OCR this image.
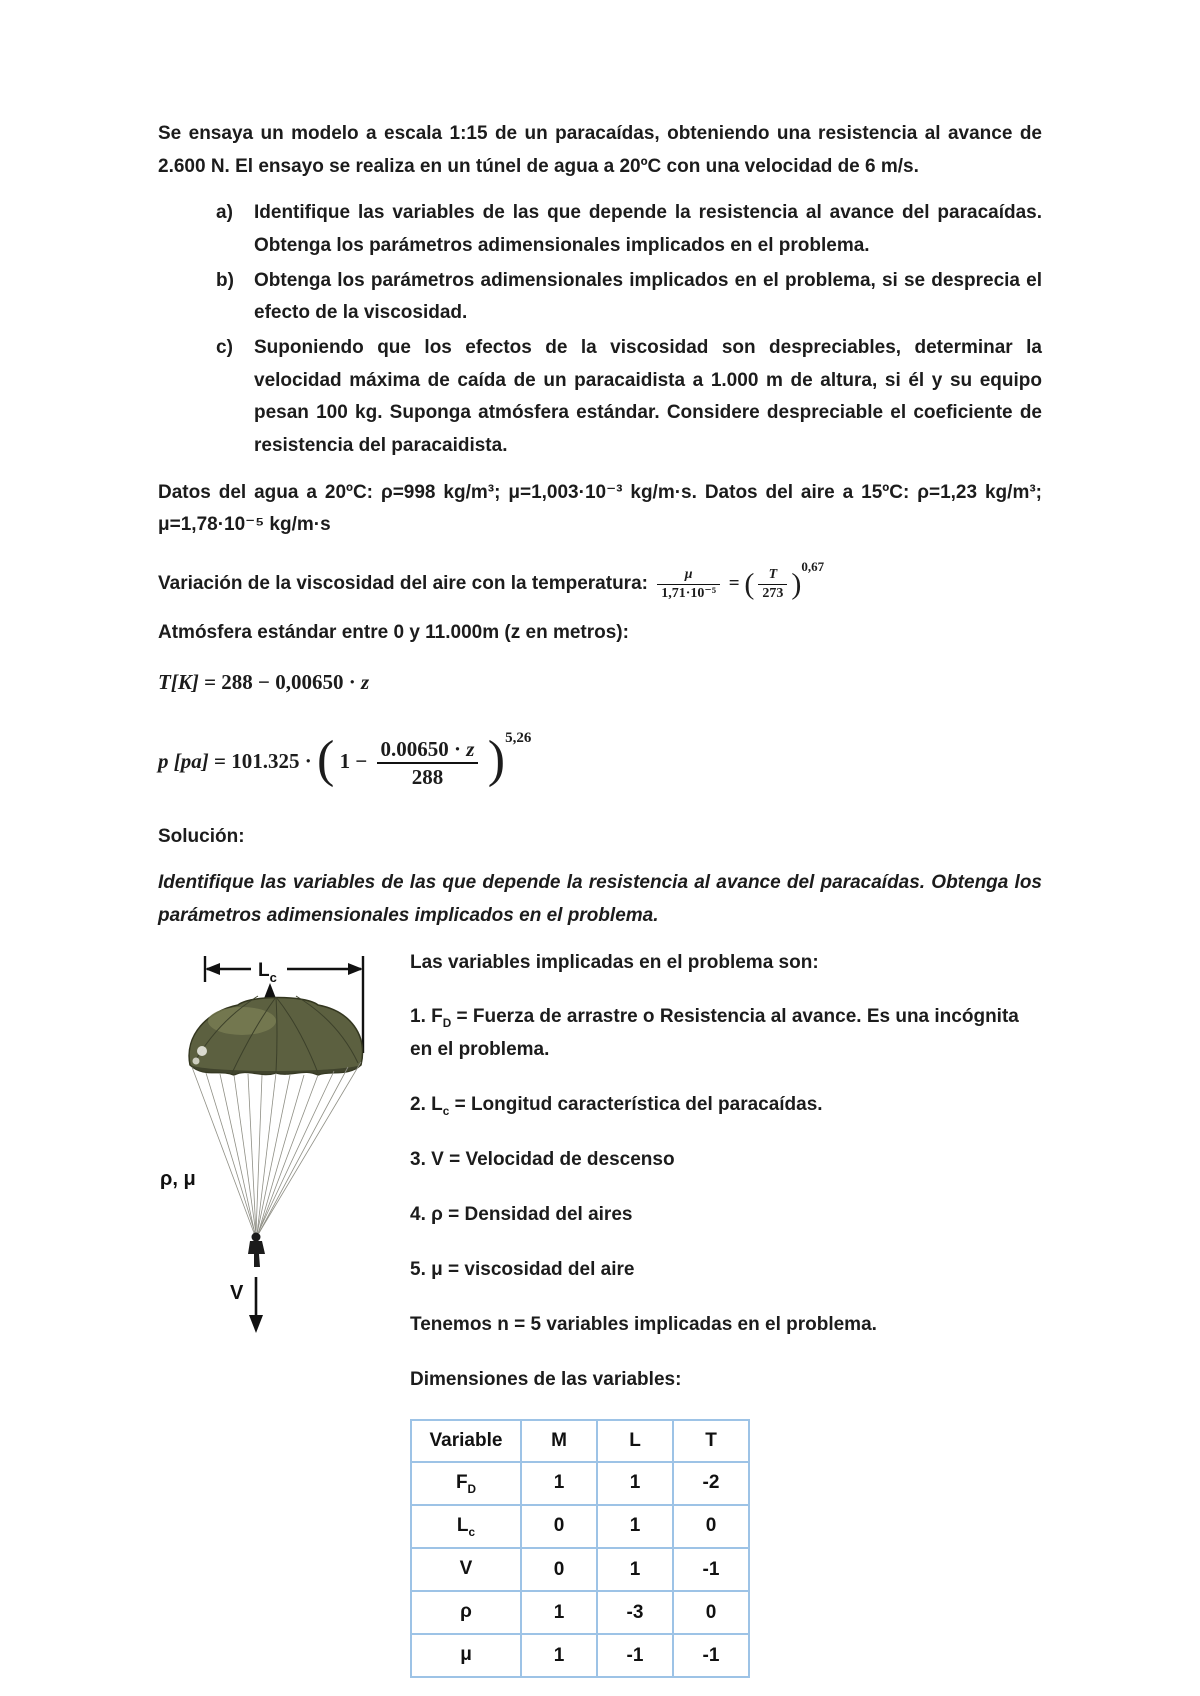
Se ensaya un modelo a escala 1:15 de un paracaídas, obteniendo una resistencia al avance de 2.600 N. El ensayo se realiza en un túnel de agua a 20ºC con una velocidad de 6 m/s.

a)	Identifique las variables de las que depende la resistencia al avance del paracaídas. Obtenga los parámetros adimensionales implicados en el problema.
b)	Obtenga los parámetros adimensionales implicados en el problema, si se desprecia el efecto de la viscosidad.
c)	Suponiendo que los efectos de la viscosidad son despreciables, determinar la velocidad máxima de caída de un paracaidista a 1.000 m de altura, si él y su equipo pesan 100 kg. Suponga atmósfera estándar. Considere despreciable el coeficiente de resistencia del paracaidista.

Datos del agua a 20ºC: ρ=998 kg/m³; μ=1,003·10⁻³ kg/m·s. Datos del aire a 15ºC: ρ=1,23 kg/m³; μ=1,78·10⁻⁵ kg/m·s

Variación de la viscosidad del aire con la temperatura: $\frac{\mu}{\text{1,71·10⁻⁵}}$ = ( $\frac{T}{273} )^{0,67}$

Atmósfera estándar entre 0 y 11.000m (z en metros):

T[K] = 288 − 0,00650 · z

p [pa] = 101.325 · ( $1 - \frac{0.00650 \cdot z}{288} )^{5,26}$

Solución:

Identifique las variables de las que depende la resistencia al avance del paracaídas. Obtenga los parámetros adimensionales implicados en el problema.

$L_c$
ρ, μ
V

Las variables implicadas en el problema son:

1. $F_D$ = Fuerza de arrastre o Resistencia al avance. Es una incógnita en el problema.

2. $L_c$ = Longitud característica del paracaídas.

3. V = Velocidad de descenso

4. ρ = Densidad del aires

5. μ = viscosidad del aire

Tenemos n = 5 variables implicadas en el problema.

Dimensiones de las variables:

Variable	M	L	T
$F_D$	1	1	-2
$L_c$	0	1	0
V	0	1	-1
ρ	1	-3	0
μ	1	-1	-1
